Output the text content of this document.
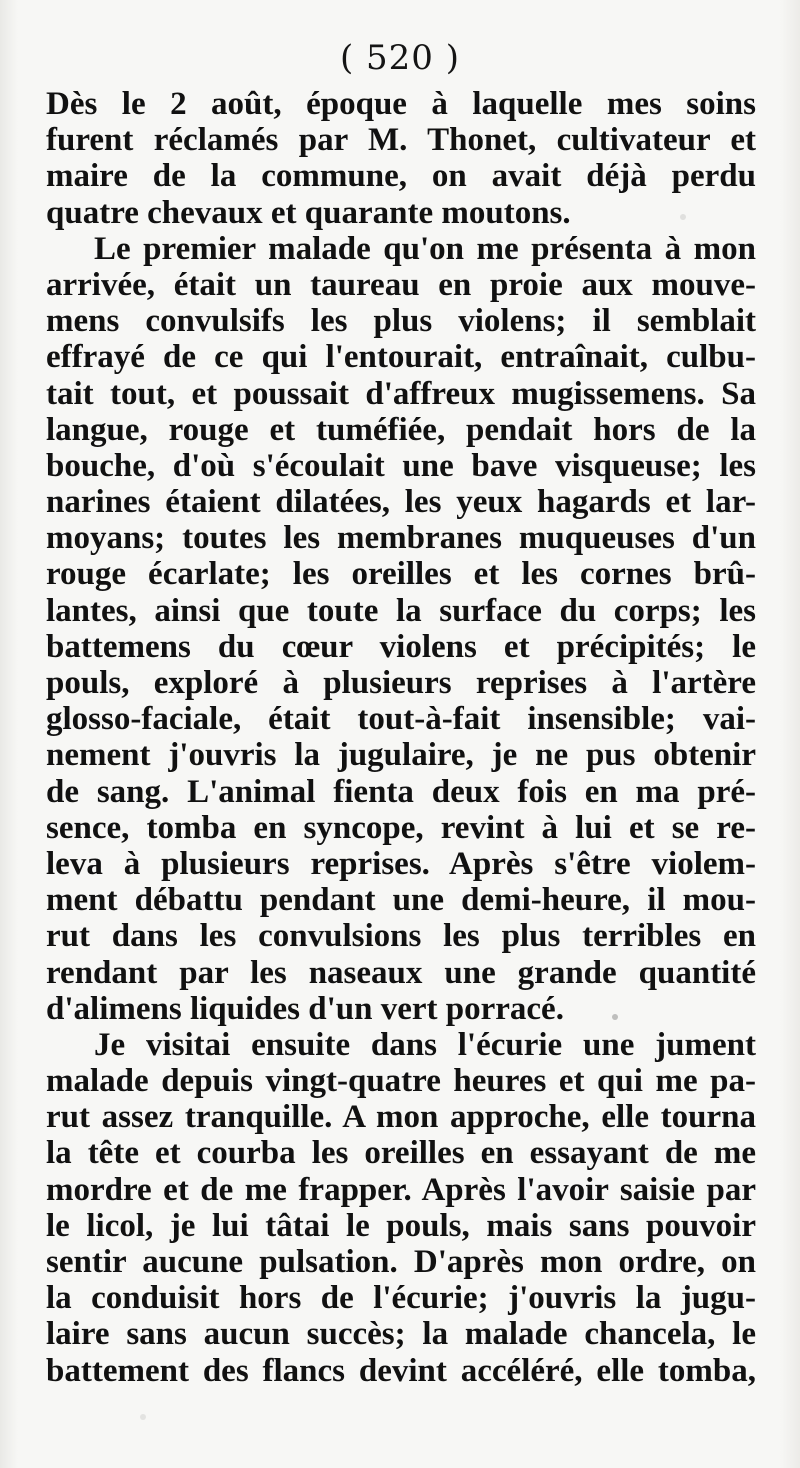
( 520 )
Dès le 2 août, époque à laquelle mes soins
furent réclamés par M. Thonet, cultivateur et
maire de la commune, on avait déjà perdu
quatre chevaux et quarante moutons.
Le premier malade qu'on me présenta à mon
arrivée, était un taureau en proie aux mouve-
mens convulsifs les plus violens; il semblait
effrayé de ce qui l'entourait, entraînait, culbu-
tait tout, et poussait d'affreux mugissemens. Sa
langue, rouge et tuméfiée, pendait hors de la
bouche, d'où s'écoulait une bave visqueuse; les
narines étaient dilatées, les yeux hagards et lar-
moyans; toutes les membranes muqueuses d'un
rouge écarlate; les oreilles et les cornes brû-
lantes, ainsi que toute la surface du corps; les
battemens du cœur violens et précipités; le
pouls, exploré à plusieurs reprises à l'artère
glosso-faciale, était tout-à-fait insensible; vai-
nement j'ouvris la jugulaire, je ne pus obtenir
de sang. L'animal fienta deux fois en ma pré-
sence, tomba en syncope, revint à lui et se re-
leva à plusieurs reprises. Après s'être violem-
ment débattu pendant une demi-heure, il mou-
rut dans les convulsions les plus terribles en
rendant par les naseaux une grande quantité
d'alimens liquides d'un vert porracé.
Je visitai ensuite dans l'écurie une jument
malade depuis vingt-quatre heures et qui me pa-
rut assez tranquille. A mon approche, elle tourna
la tête et courba les oreilles en essayant de me
mordre et de me frapper. Après l'avoir saisie par
le licol, je lui tâtai le pouls, mais sans pouvoir
sentir aucune pulsation. D'après mon ordre, on
la conduisit hors de l'écurie; j'ouvris la jugu-
laire sans aucun succès; la malade chancela, le
battement des flancs devint accéléré, elle tomba,
